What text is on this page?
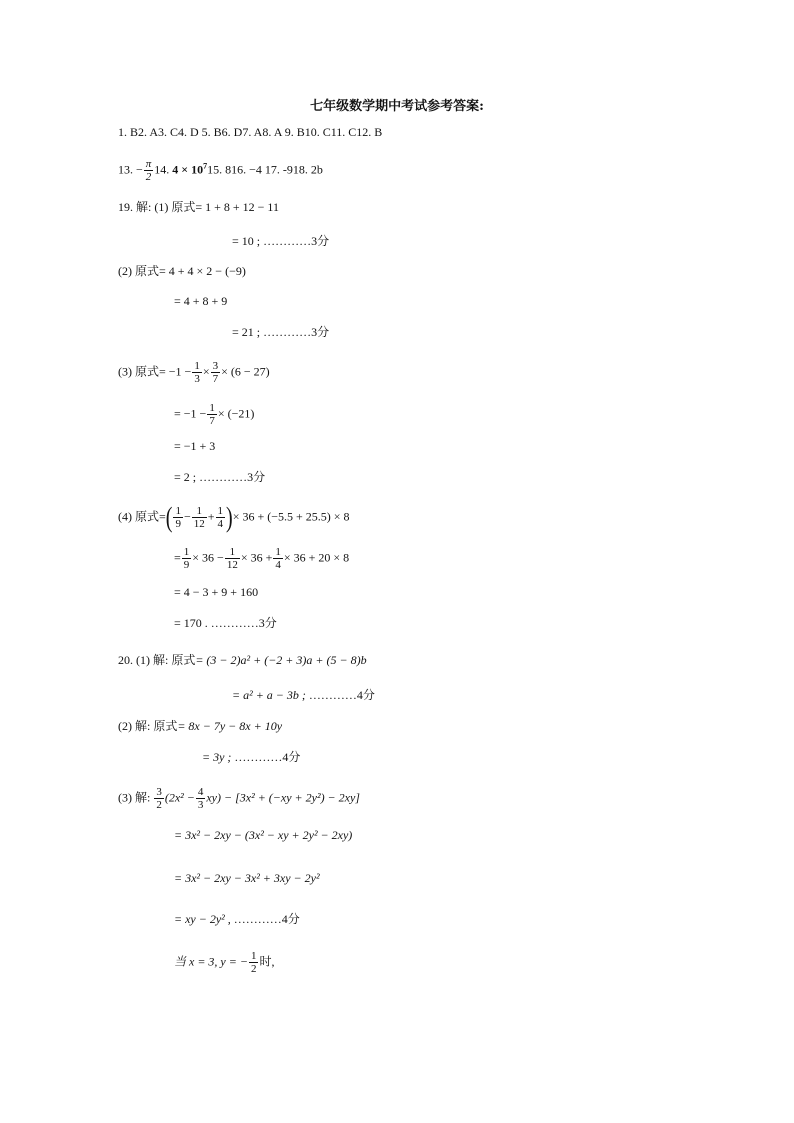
七年级数学期中考试参考答案:
1. B2. A3. C4. D 5. B6. D7. A8. A 9. B10. C11. C12. B
13. − $\frac{\pi}{2} 14$. $4 \times 10^715$. 816. −4 17. -918. 2b
19. 解: (1) 原式= 1 + 8 + 12 − 11
= 10 ; …………3分
(2) 原式= 4 + 4 × 2 − (−9)
= 4 + 8 + 9
= 21 ; …………3分
(3) 原式= $-1 - \frac{1}{3} \times \frac{3}{7} \times (6 - 27)$
= $-1 - \frac{1}{7} \times (-21)$
= −1 + 3
= 2 ; …………3分
(4) 原式=( $\frac{1}{9} - \frac{1}{12} + \frac{1}{4}$ )× 36 + (−5.5 + 25.5) × 8
= $\frac{1}{9} \times 36 - \frac{1}{12} \times 36 + \frac{1}{4} \times 36 + 20 \times 8$
= 4 − 3 + 9 + 160
= 170 . …………3分
20. (1) 解: 原式= (3 − 2)a² + (−2 + 3)a + (5 − 8)b
= a² + a − 3b ; …………4分
(2) 解: 原式= 8x − 7y − 8x + 10y
= 3y ; …………4分
(3) 解: $\frac{3}{2} (2x^2 - \frac{4}{3} xy) - [3x^2 + (-xy + 2y^2) - 2xy]$
= 3x² − 2xy − (3x² − xy + 2y² − 2xy)
= 3x² − 2xy − 3x² + 3xy − 2y²
= xy − 2y² , …………4分
当 x = 3, y = − $\frac{1}{2}$ 时,
